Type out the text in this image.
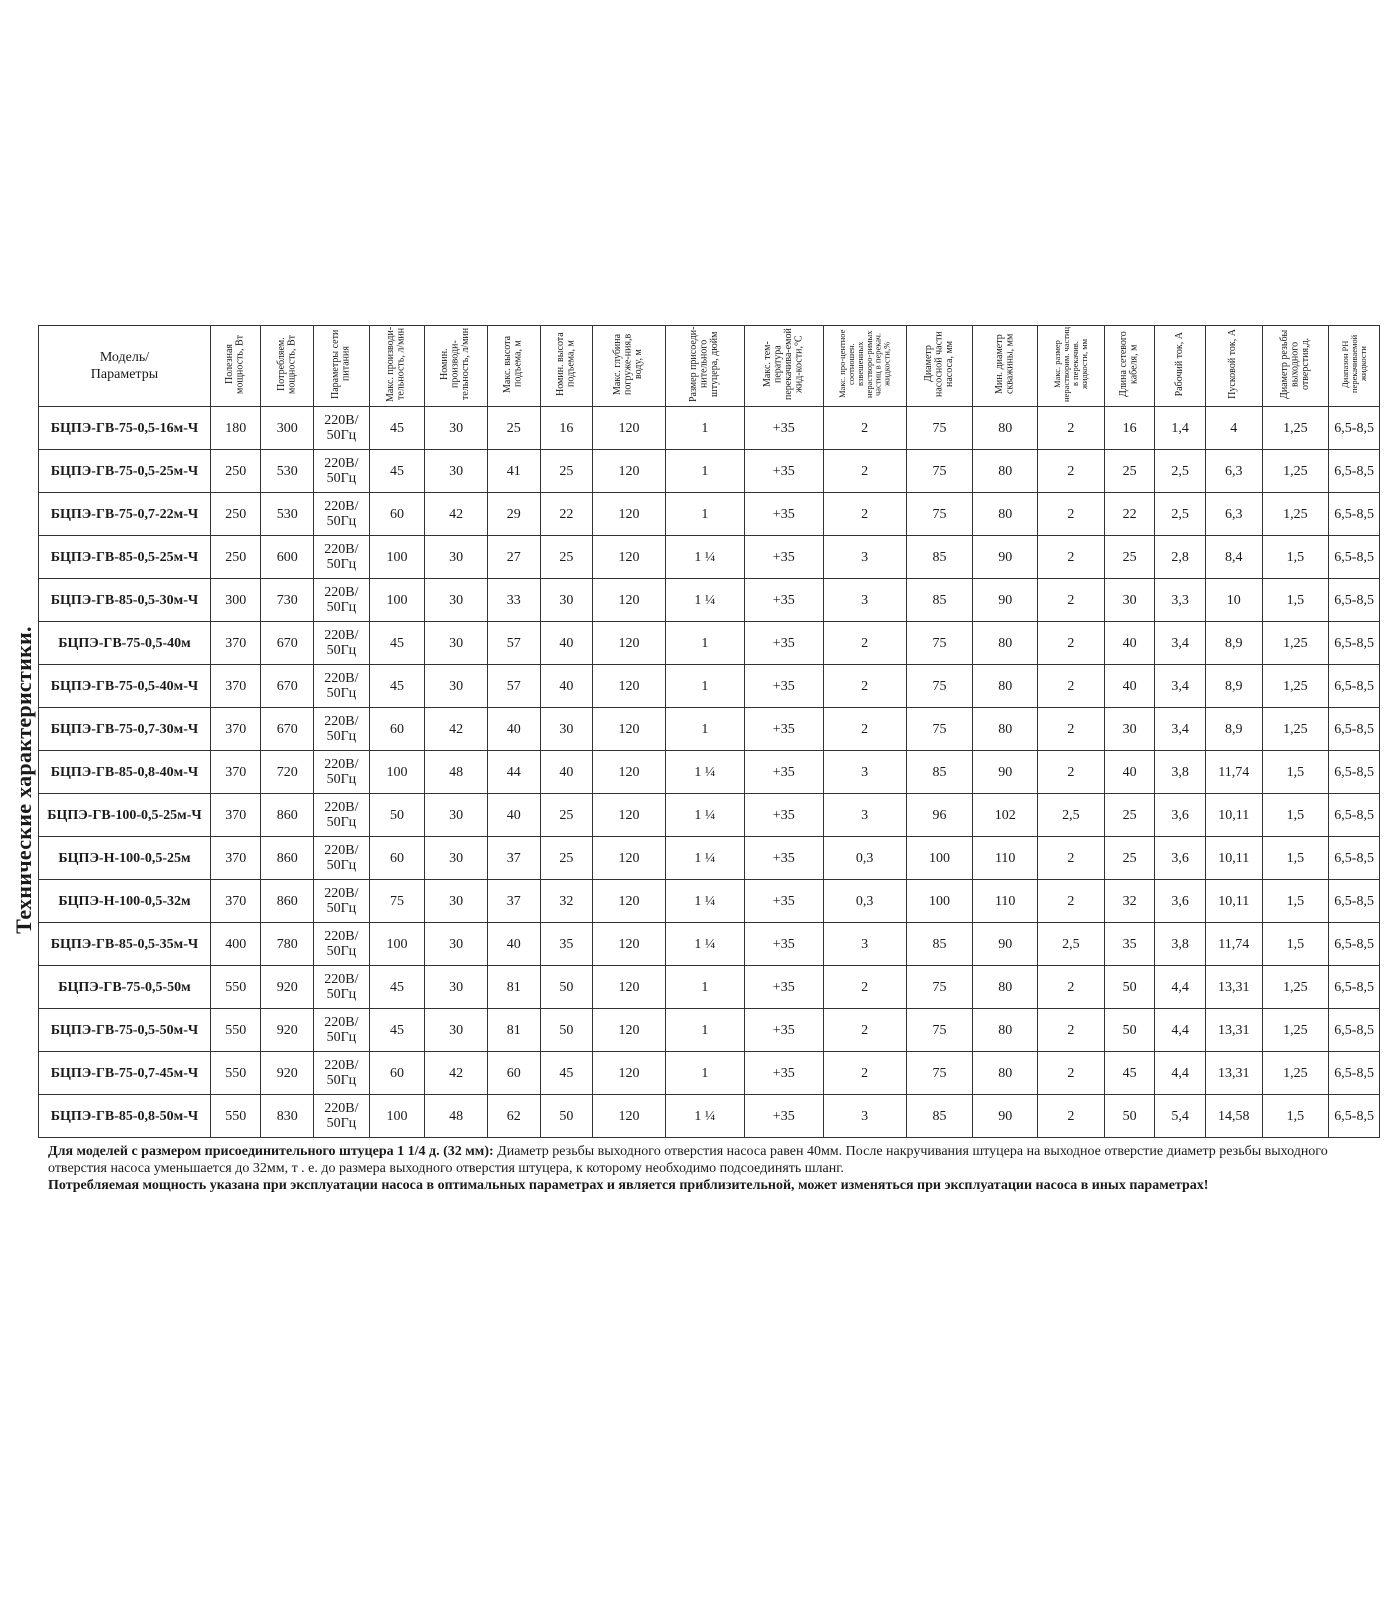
Технические характеристики.
Модель/
Параметры	Полезная мощность, Вт	Потребляем. мощность, Вт	Параметры сети питания	Макс. производи-тельность, л/мин	Номин. производи-тельность, л/мин	Макс. высота подъема, м	Номин. высота подъема, м	Макс. глубина погруже-ния,в воду, м	Размер присоеди-нительного штуцера, дюйм	Макс. тем-пература перекачива-емой жид-кости,°С	Макс. про-центное соотношен. взвешенных нерастворо-римых частиц в перекач. жидкости,%	Диаметр насосной части насоса, мм	Мин. диаметр скважины, мм	Макс. размер нерастворим. частиц в перекачив. жидкости, мм	Длина сетевого кабеля, м	Рабочий ток, А	Пусковой ток, А	Диаметр резьбы выходного отверстия,д.	Диапазон PH перекачиваемой жидкости
БЦПЭ-ГВ-75-0,5-16м-Ч	180	300	220В/ 50Гц	45	30	25	16	120	1	+35	2	75	80	2	16	1,4	4	1,25	6,5-8,5
БЦПЭ-ГВ-75-0,5-25м-Ч	250	530	220В/ 50Гц	45	30	41	25	120	1	+35	2	75	80	2	25	2,5	6,3	1,25	6,5-8,5
БЦПЭ-ГВ-75-0,7-22м-Ч	250	530	220В/ 50Гц	60	42	29	22	120	1	+35	2	75	80	2	22	2,5	6,3	1,25	6,5-8,5
БЦПЭ-ГВ-85-0,5-25м-Ч	250	600	220В/ 50Гц	100	30	27	25	120	1 ¼	+35	3	85	90	2	25	2,8	8,4	1,5	6,5-8,5
БЦПЭ-ГВ-85-0,5-30м-Ч	300	730	220В/ 50Гц	100	30	33	30	120	1 ¼	+35	3	85	90	2	30	3,3	10	1,5	6,5-8,5
БЦПЭ-ГВ-75-0,5-40м	370	670	220В/ 50Гц	45	30	57	40	120	1	+35	2	75	80	2	40	3,4	8,9	1,25	6,5-8,5
БЦПЭ-ГВ-75-0,5-40м-Ч	370	670	220В/ 50Гц	45	30	57	40	120	1	+35	2	75	80	2	40	3,4	8,9	1,25	6,5-8,5
БЦПЭ-ГВ-75-0,7-30м-Ч	370	670	220В/ 50Гц	60	42	40	30	120	1	+35	2	75	80	2	30	3,4	8,9	1,25	6,5-8,5
БЦПЭ-ГВ-85-0,8-40м-Ч	370	720	220В/ 50Гц	100	48	44	40	120	1 ¼	+35	3	85	90	2	40	3,8	11,74	1,5	6,5-8,5
БЦПЭ-ГВ-100-0,5-25м-Ч	370	860	220В/ 50Гц	50	30	40	25	120	1 ¼	+35	3	96	102	2,5	25	3,6	10,11	1,5	6,5-8,5
БЦПЭ-Н-100-0,5-25м	370	860	220В/ 50Гц	60	30	37	25	120	1 ¼	+35	0,3	100	110	2	25	3,6	10,11	1,5	6,5-8,5
БЦПЭ-Н-100-0,5-32м	370	860	220В/ 50Гц	75	30	37	32	120	1 ¼	+35	0,3	100	110	2	32	3,6	10,11	1,5	6,5-8,5
БЦПЭ-ГВ-85-0,5-35м-Ч	400	780	220В/ 50Гц	100	30	40	35	120	1 ¼	+35	3	85	90	2,5	35	3,8	11,74	1,5	6,5-8,5
БЦПЭ-ГВ-75-0,5-50м	550	920	220В/ 50Гц	45	30	81	50	120	1	+35	2	75	80	2	50	4,4	13,31	1,25	6,5-8,5
БЦПЭ-ГВ-75-0,5-50м-Ч	550	920	220В/ 50Гц	45	30	81	50	120	1	+35	2	75	80	2	50	4,4	13,31	1,25	6,5-8,5
БЦПЭ-ГВ-75-0,7-45м-Ч	550	920	220В/ 50Гц	60	42	60	45	120	1	+35	2	75	80	2	45	4,4	13,31	1,25	6,5-8,5
БЦПЭ-ГВ-85-0,8-50м-Ч	550	830	220В/ 50Гц	100	48	62	50	120	1 ¼	+35	3	85	90	2	50	5,4	14,58	1,5	6,5-8,5

Для моделей с размером присоединительного штуцера 1 1/4 д. (32 мм): Диаметр резьбы выходного отверстия насоса равен 40мм. После накручивания штуцера на выходное отверстие диаметр резьбы выходного отверстия насоса уменьшается до 32мм, т . е. до размера выходного отверстия штуцера, к которому необходимо подсоединять шланг.

Потребляемая мощность указана при эксплуатации насоса в оптимальных параметрах и является приблизительной, может изменяться при эксплуатации насоса в иных параметрах!
